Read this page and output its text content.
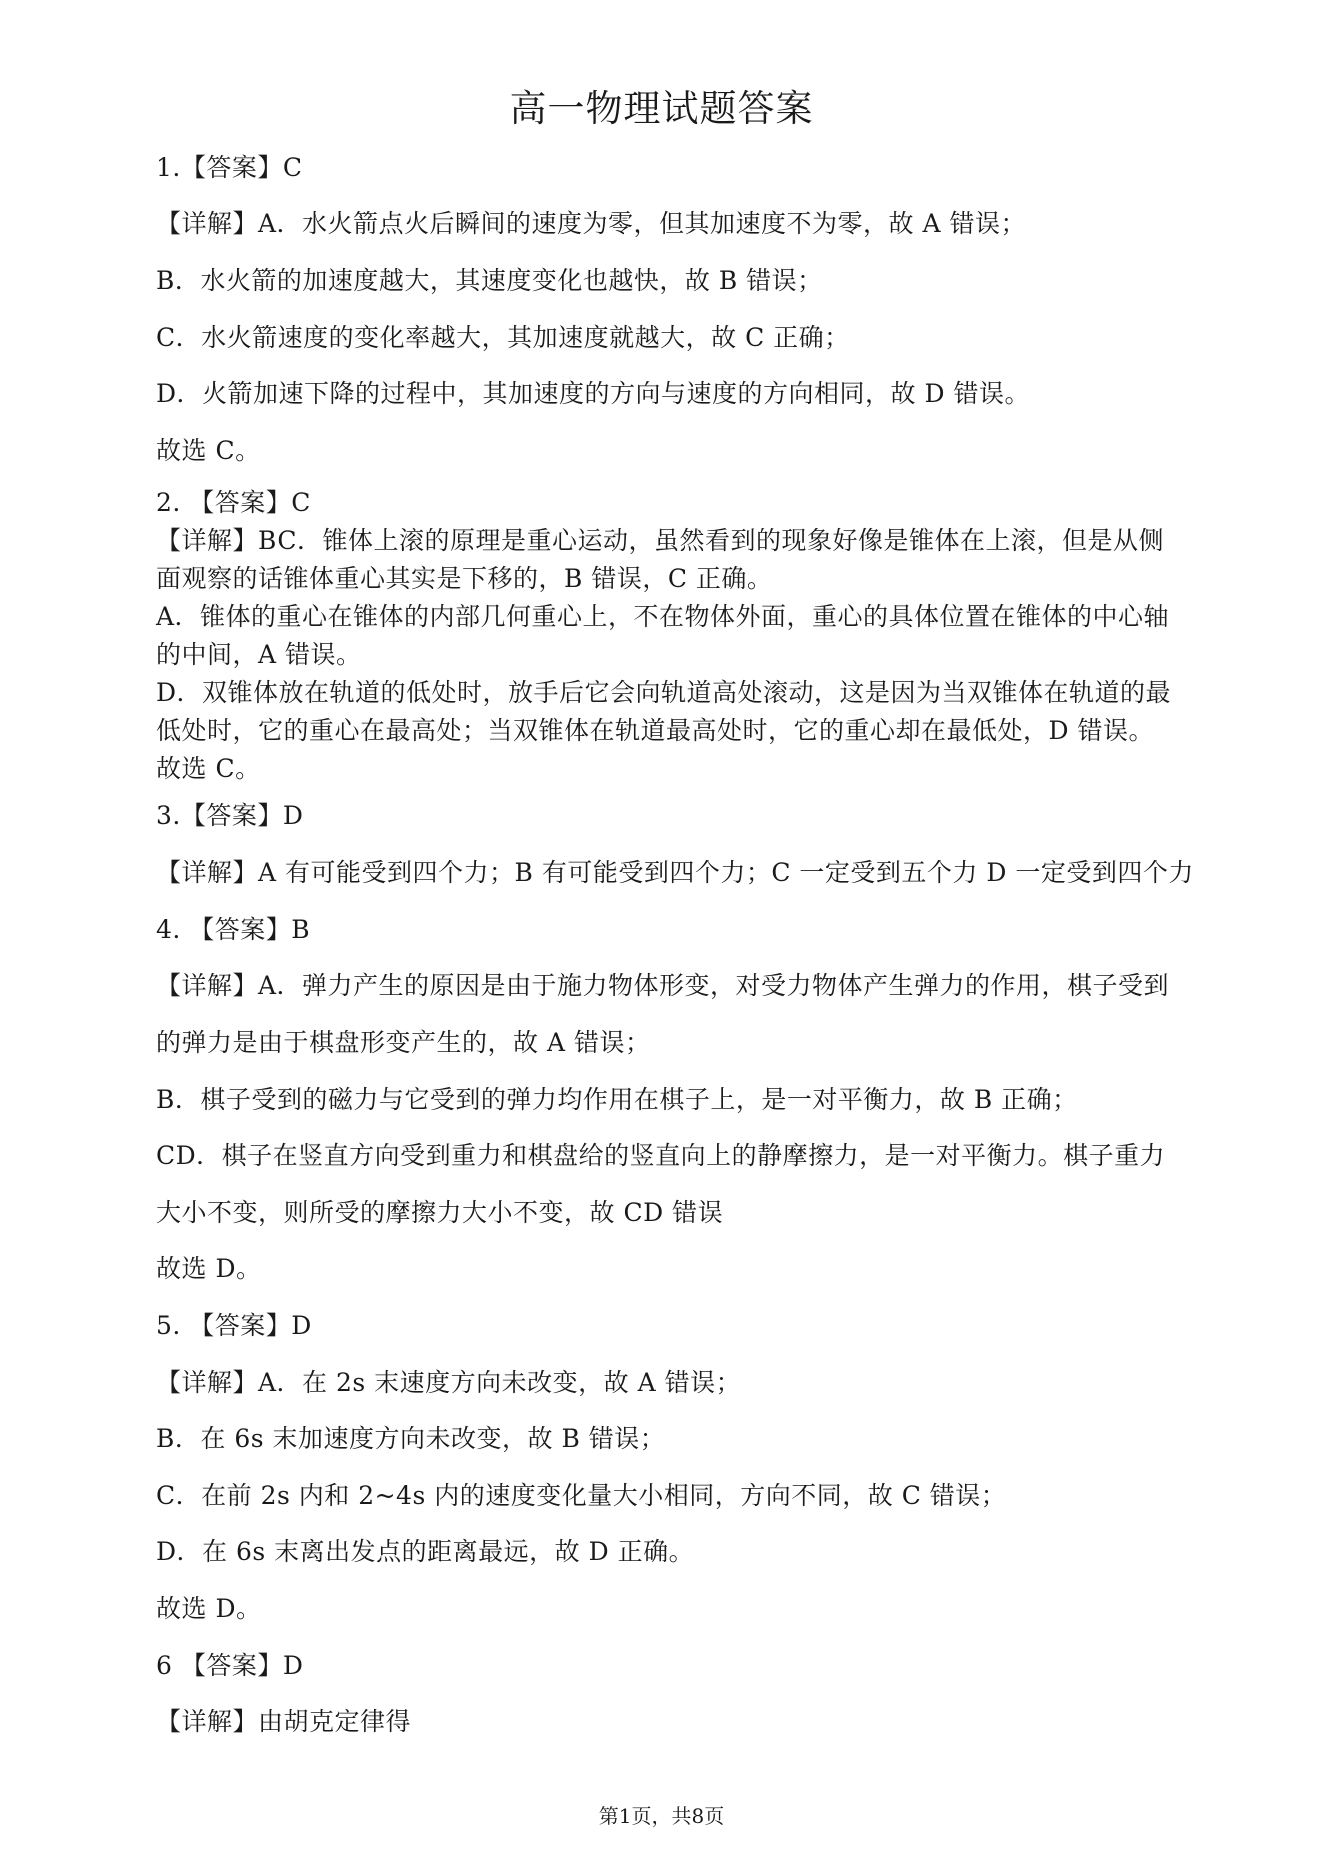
高一物理试题答案
1.【答案】C
【详解】A．水火箭点火后瞬间的速度为零，但其加速度不为零，故 A 错误；
B．水火箭的加速度越大，其速度变化也越快，故 B 错误；
C．水火箭速度的变化率越大，其加速度就越大，故 C 正确；
D．火箭加速下降的过程中，其加速度的方向与速度的方向相同，故 D 错误。
故选 C。
2. 【答案】C
【详解】BC．锥体上滚的原理是重心运动，虽然看到的现象好像是锥体在上滚，但是从侧
面观察的话锥体重心其实是下移的，B 错误，C 正确。
A．锥体的重心在锥体的内部几何重心上，不在物体外面，重心的具体位置在锥体的中心轴
的中间，A 错误。
D．双锥体放在轨道的低处时，放手后它会向轨道高处滚动，这是因为当双锥体在轨道的最
低处时，它的重心在最高处；当双锥体在轨道最高处时，它的重心却在最低处，D 错误。
故选 C。
3.【答案】D
【详解】A 有可能受到四个力；B 有可能受到四个力；C 一定受到五个力 D 一定受到四个力
4. 【答案】B
【详解】A．弹力产生的原因是由于施力物体形变，对受力物体产生弹力的作用，棋子受到
的弹力是由于棋盘形变产生的，故 A 错误；
B．棋子受到的磁力与它受到的弹力均作用在棋子上，是一对平衡力，故 B 正确；
CD．棋子在竖直方向受到重力和棋盘给的竖直向上的静摩擦力，是一对平衡力。棋子重力
大小不变，则所受的摩擦力大小不变，故 CD 错误
故选 D。
5. 【答案】D
【详解】A．在 2s 末速度方向未改变，故 A 错误；
B．在 6s 末加速度方向未改变，故 B 错误；
C．在前 2s 内和 2~4s 内的速度变化量大小相同，方向不同，故 C 错误；
D．在 6s 末离出发点的距离最远，故 D 正确。
故选 D。
6 【答案】D
【详解】由胡克定律得
第1页，共8页
